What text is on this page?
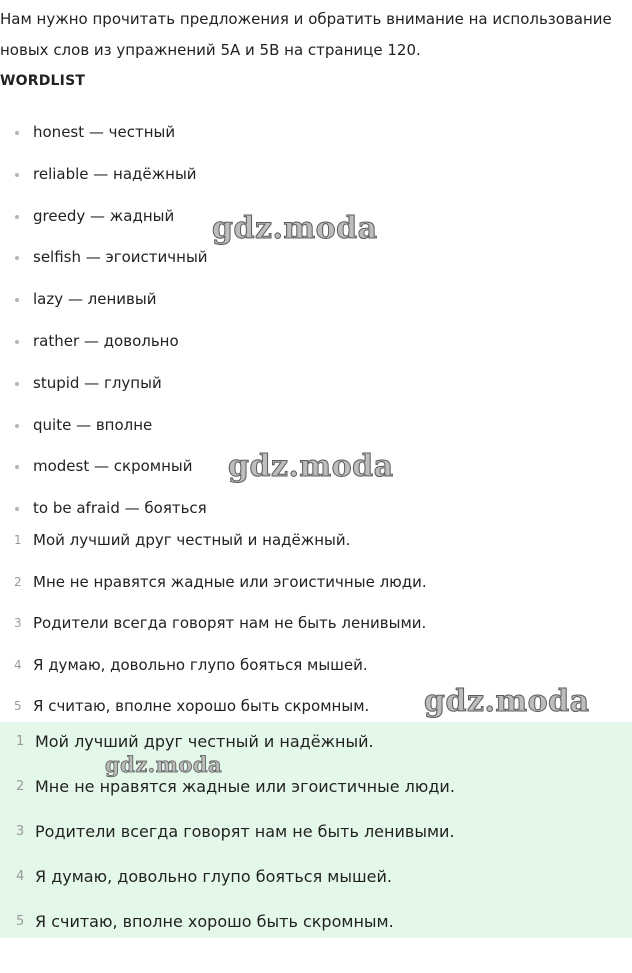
Нам нужно прочитать предложения и обратить внимание на использование новых слов из упражнений 5А и 5В на странице 120.

WORDLIST
honest — честный
reliable — надёжный
greedy — жадный
selfish — эгоистичный
lazy — ленивый
rather — довольно
stupid — глупый
quite — вполне
modest — скромный
to be afraid — бояться
1 Мой лучший друг честный и надёжный.
2 Мне не нравятся жадные или эгоистичные люди.
3 Родители всегда говорят нам не быть ленивыми.
4 Я думаю, довольно глупо бояться мышей.
5 Я считаю, вполне хорошо быть скромным.
1 Мой лучший друг честный и надёжный.
2 Мне не нравятся жадные или эгоистичные люди.
3 Родители всегда говорят нам не быть ленивыми.
4 Я думаю, довольно глупо бояться мышей.
5 Я считаю, вполне хорошо быть скромным.
gdz.moda
gdz.moda
gdz.moda
gdz.moda
